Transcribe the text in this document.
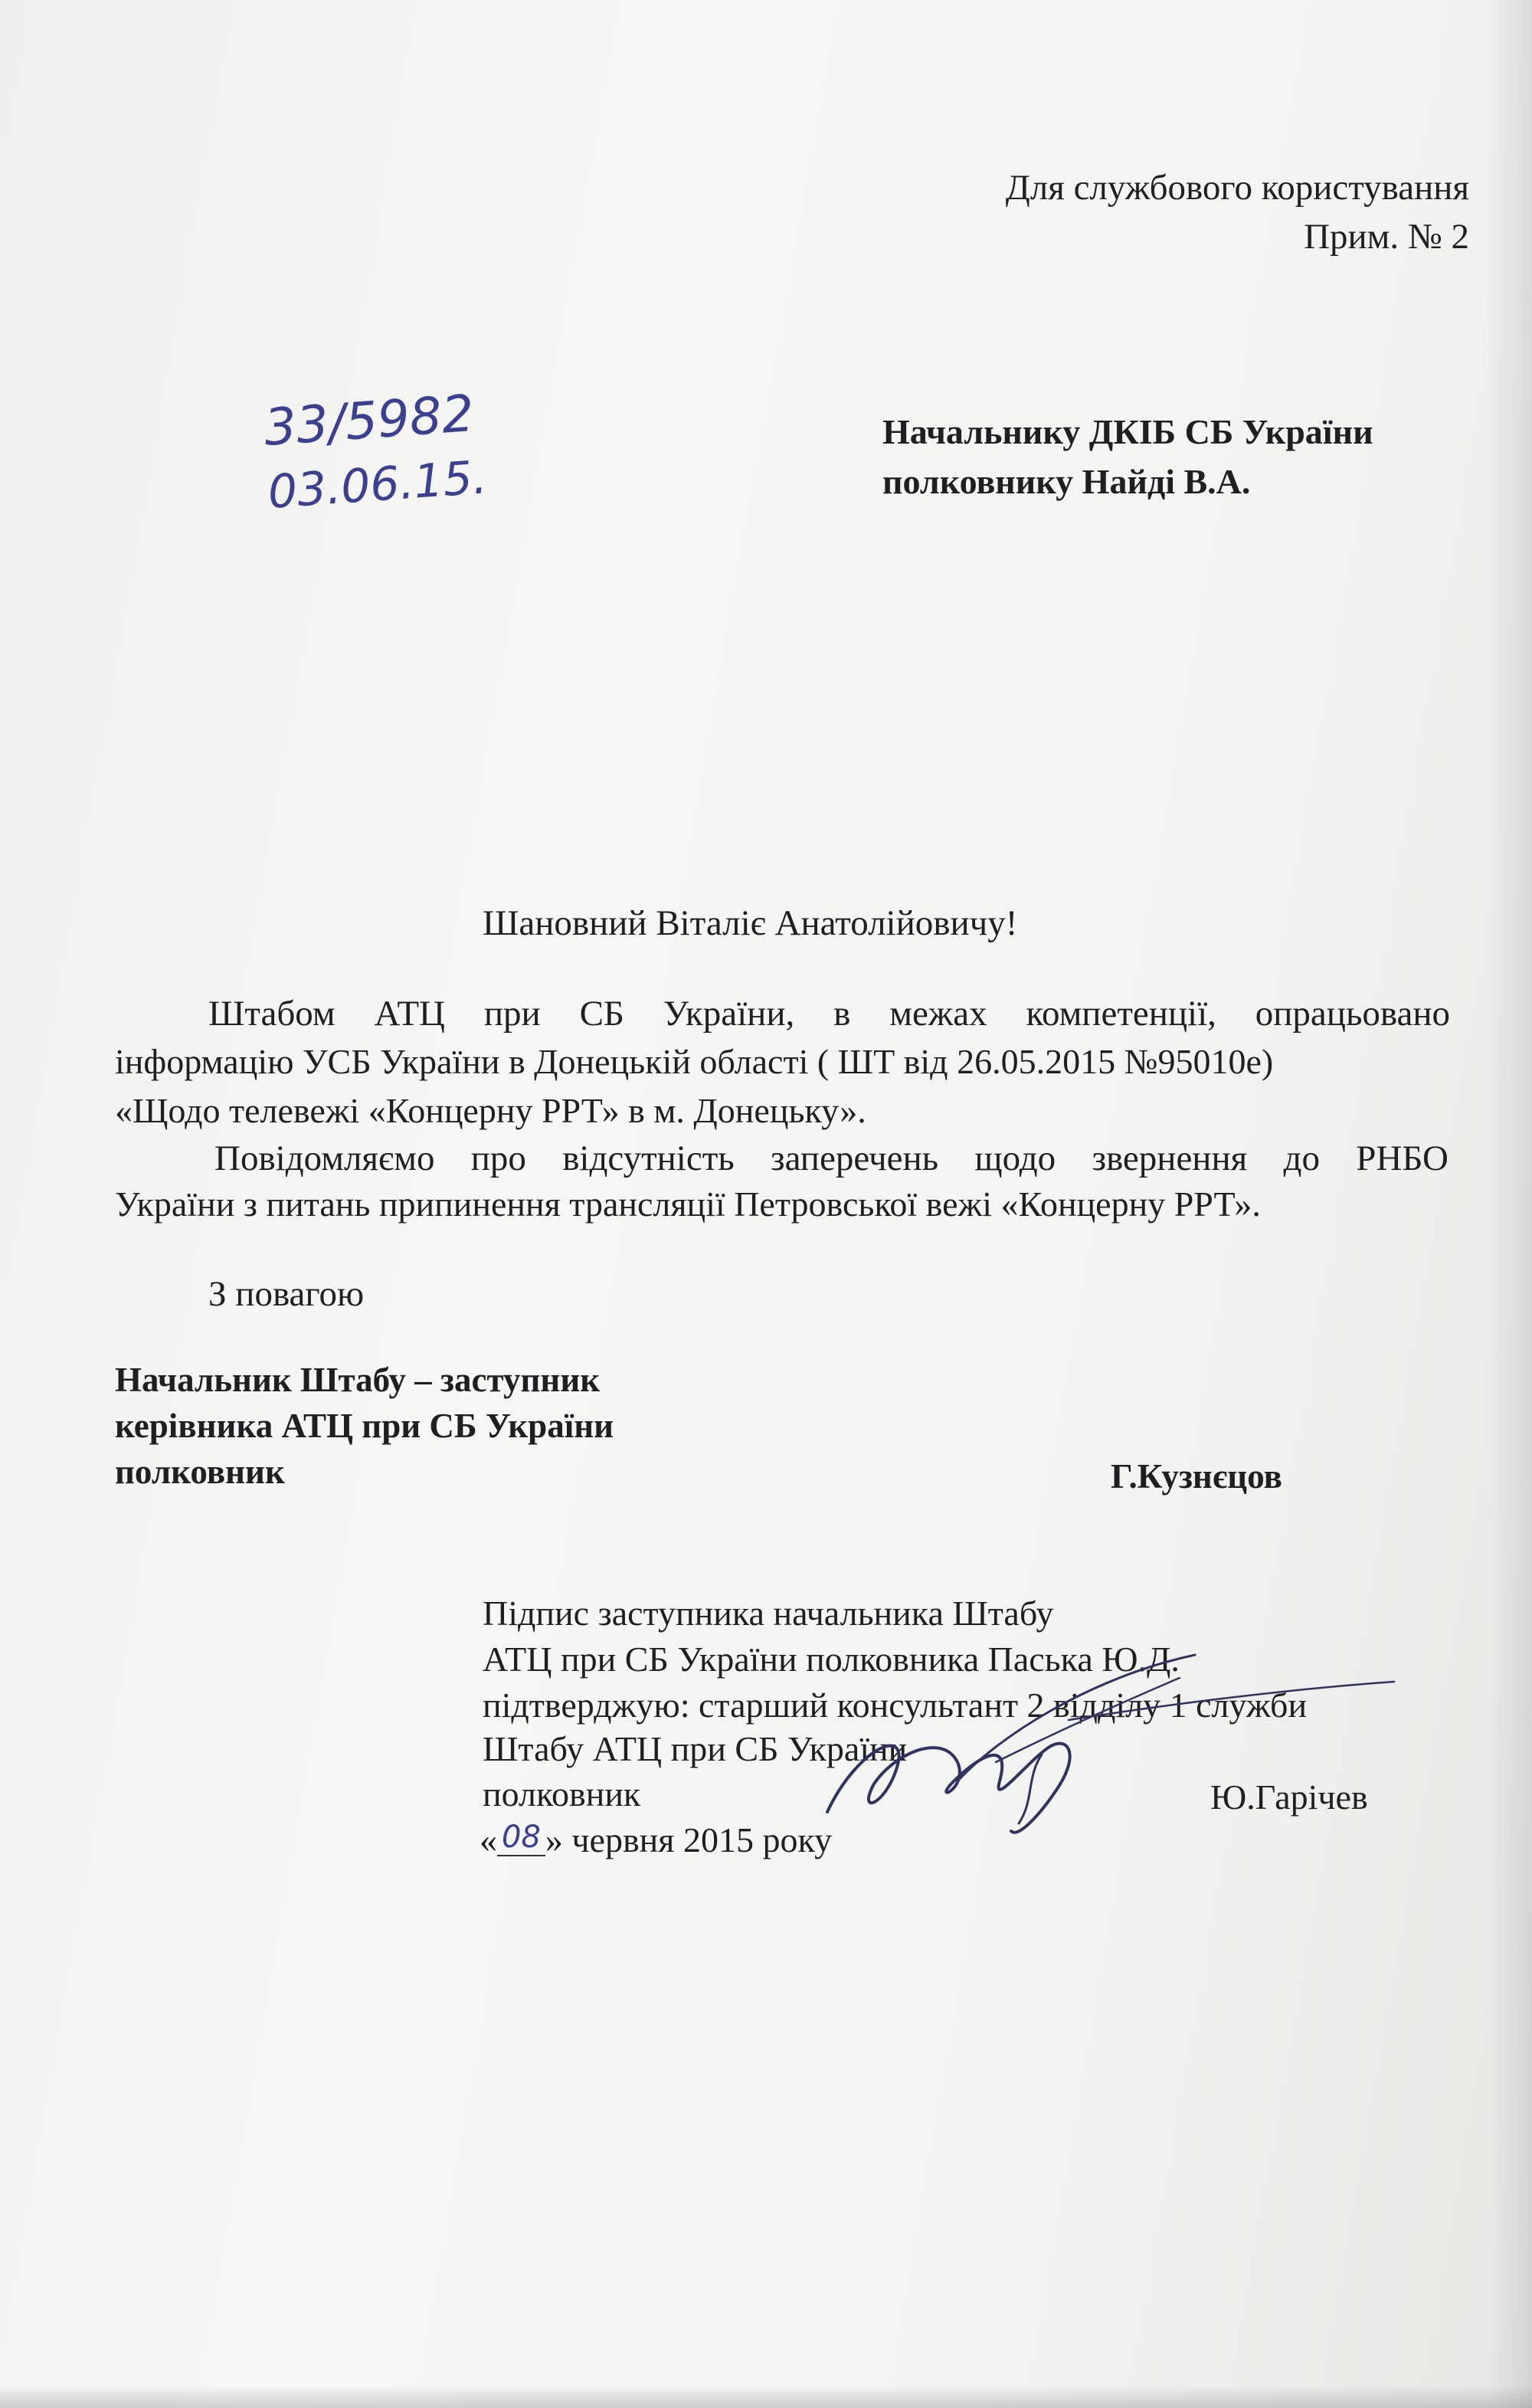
Для службового користування
Прим. № 2
33/5982
03.06.15.
Начальнику ДКІБ СБ України
полковнику Найді В.А.
Шановний Віталіє Анатолійовичу!
Штабом АТЦ при СБ України, в межах компетенції, опрацьовано
інформацію УСБ України в Донецькій області ( ШТ від 26.05.2015 №95010е)
«Щодо телевежі «Концерну РРТ» в м. Донецьку».
Повідомляємо про відсутність заперечень щодо звернення до РНБО
України з питань припинення трансляції Петровської вежі «Концерну РРТ».
З повагою
Начальник Штабу – заступник
керівника АТЦ при СБ України
полковник	Г.Кузнєцов
Підпис заступника начальника Штабу
АТЦ при СБ України полковника Паська Ю.Д.
підтверджую: старший консультант 2 відділу 1 служби
Штабу АТЦ при СБ України
полковник	Ю.Гарічев
« 08 » червня 2015 року
